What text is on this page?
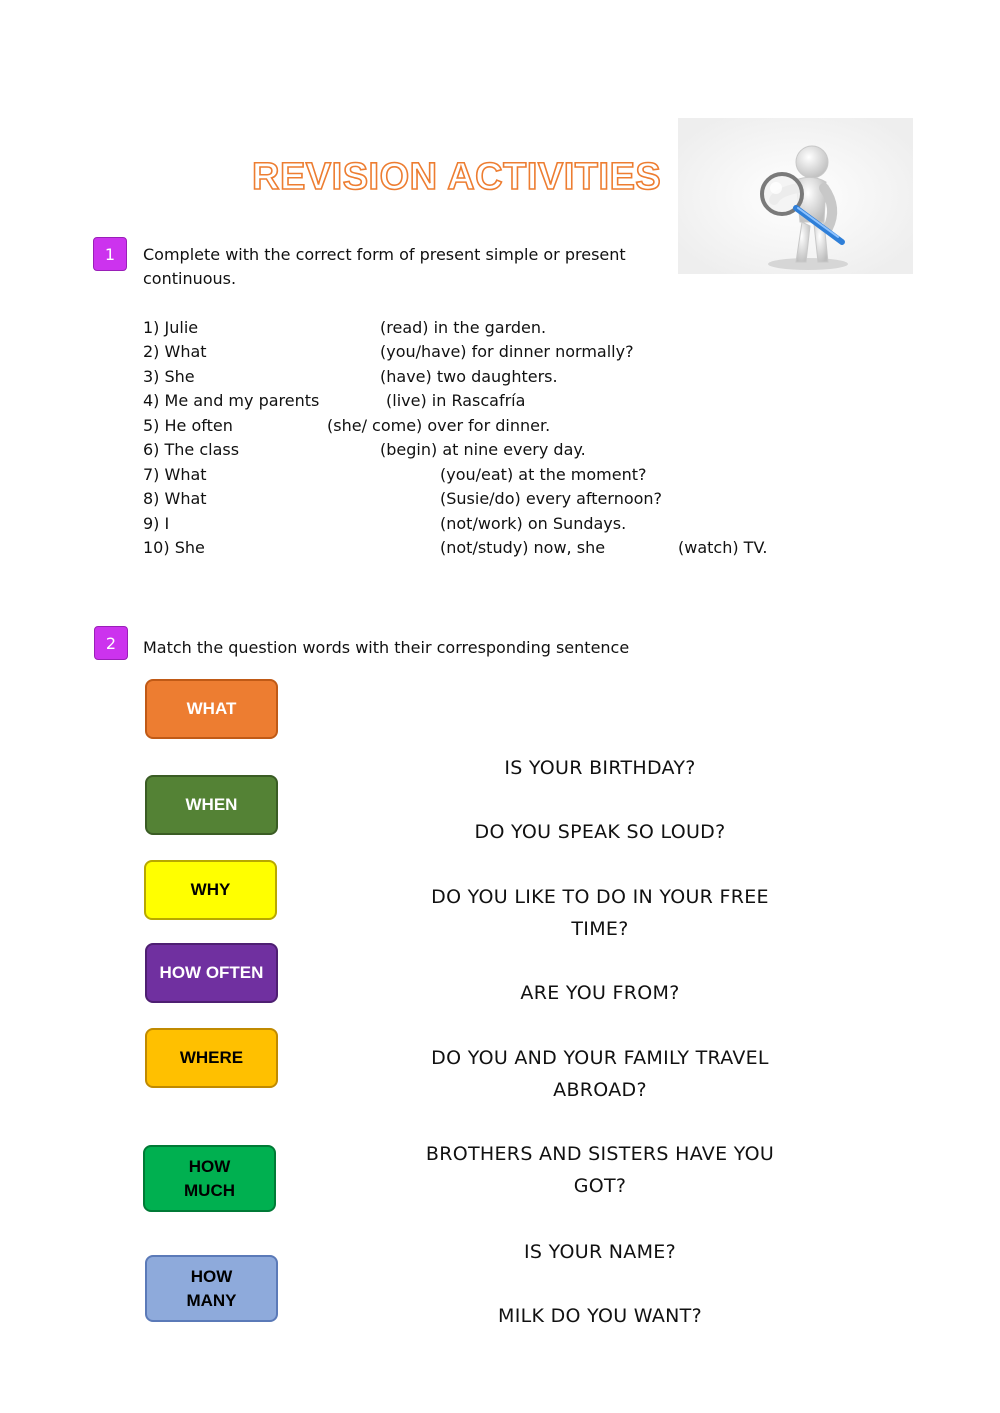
REVISION ACTIVITIES
1	Complete with the correct form of present simple or present continuous.
1) Julie	(read) in the garden.
2) What	(you/have) for dinner normally?
3) She	(have) two daughters.
4) Me and my parents	(live) in Rascafría
5) He often	(she/ come) over for dinner.
6) The class	(begin) at nine every day.
7) What	(you/eat) at the moment?
8) What	(Susie/do) every afternoon?
9) I	(not/work) on Sundays.
10) She	(not/study) now, she	(watch) TV.
2	Match the question words with their corresponding sentence
WHAT
WHEN
WHY
HOW OFTEN
WHERE
HOW MUCH
HOW MANY
IS YOUR BIRTHDAY?
DO YOU SPEAK SO LOUD?
DO YOU LIKE TO DO IN YOUR FREE TIME?
ARE YOU FROM?
DO YOU AND YOUR FAMILY TRAVEL ABROAD?
BROTHERS AND SISTERS HAVE YOU GOT?
IS YOUR NAME?
MILK DO YOU WANT?
